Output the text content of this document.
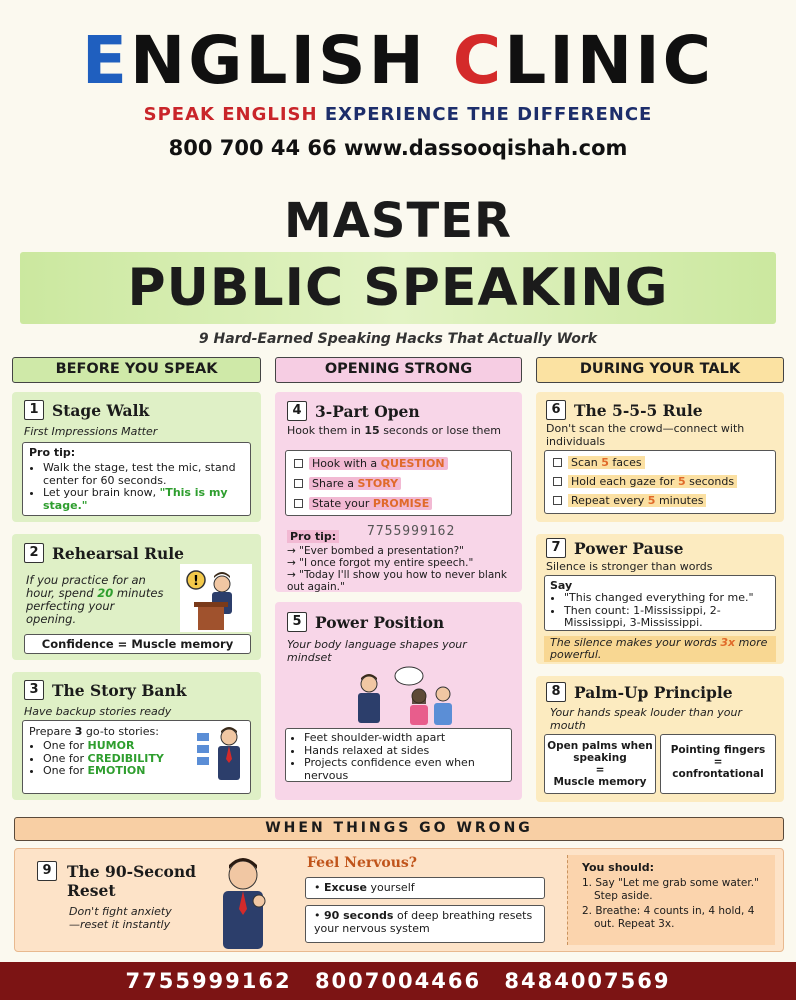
ENGLISH CLINIC
SPEAK ENGLISH EXPERIENCE THE DIFFERENCE
800 700 44 66 www.dassooqishah.com
MASTER
PUBLIC SPEAKING
9 Hard-Earned Speaking Hacks That Actually Work
BEFORE YOU SPEAK	OPENING STRONG	DURING YOUR TALK
1 Stage Walk
First Impressions Matter
Pro tip:
• Walk the stage, test the mic, stand center for 60 seconds.
• Let your brain know, "This is my stage."
2 Rehearsal Rule
If you practice for an hour, spend 20 minutes perfecting your opening.
!
Confidence = Muscle memory
3 The Story Bank
Have backup stories ready
Prepare 3 go-to stories:
• One for HUMOR
• One for CREDIBILITY
• One for EMOTION
4 3-Part Open
Hook them in 15 seconds or lose them
Hook with a QUESTION
Share a STORY
State your PROMISE
Pro tip: 7755999162
→ "Ever bombed a presentation?"
→ "I once forgot my entire speech."
→ "Today I'll show you how to never blank out again."
5 Power Position
Your body language shapes your mindset
• Feet shoulder-width apart
• Hands relaxed at sides
• Projects confidence even when nervous
6 The 5-5-5 Rule
Don't scan the crowd—connect with individuals
Scan 5 faces
Hold each gaze for 5 seconds
Repeat every 5 minutes
7 Power Pause
Silence is stronger than words
Say
• "This changed everything for me."
• Then count: 1-Mississippi, 2-Mississippi, 3-Mississippi.
The silence makes your words 3x more powerful.
8 Palm-Up Principle
Your hands speak louder than your mouth
Open palms when speaking
=
Muscle memory
Pointing fingers
=
confrontational
WHEN THINGS GO WRONG
9 The 90-Second
Reset
Don't fight anxiety—reset it instantly
Feel Nervous?
• Excuse yourself
• 90 seconds of deep breathing resets your nervous system
You should:
1. Say "Let me grab some water." Step aside.
2. Breathe: 4 counts in, 4 hold, 4 out. Repeat 3x.
7755999162 8007004466 8484007569
